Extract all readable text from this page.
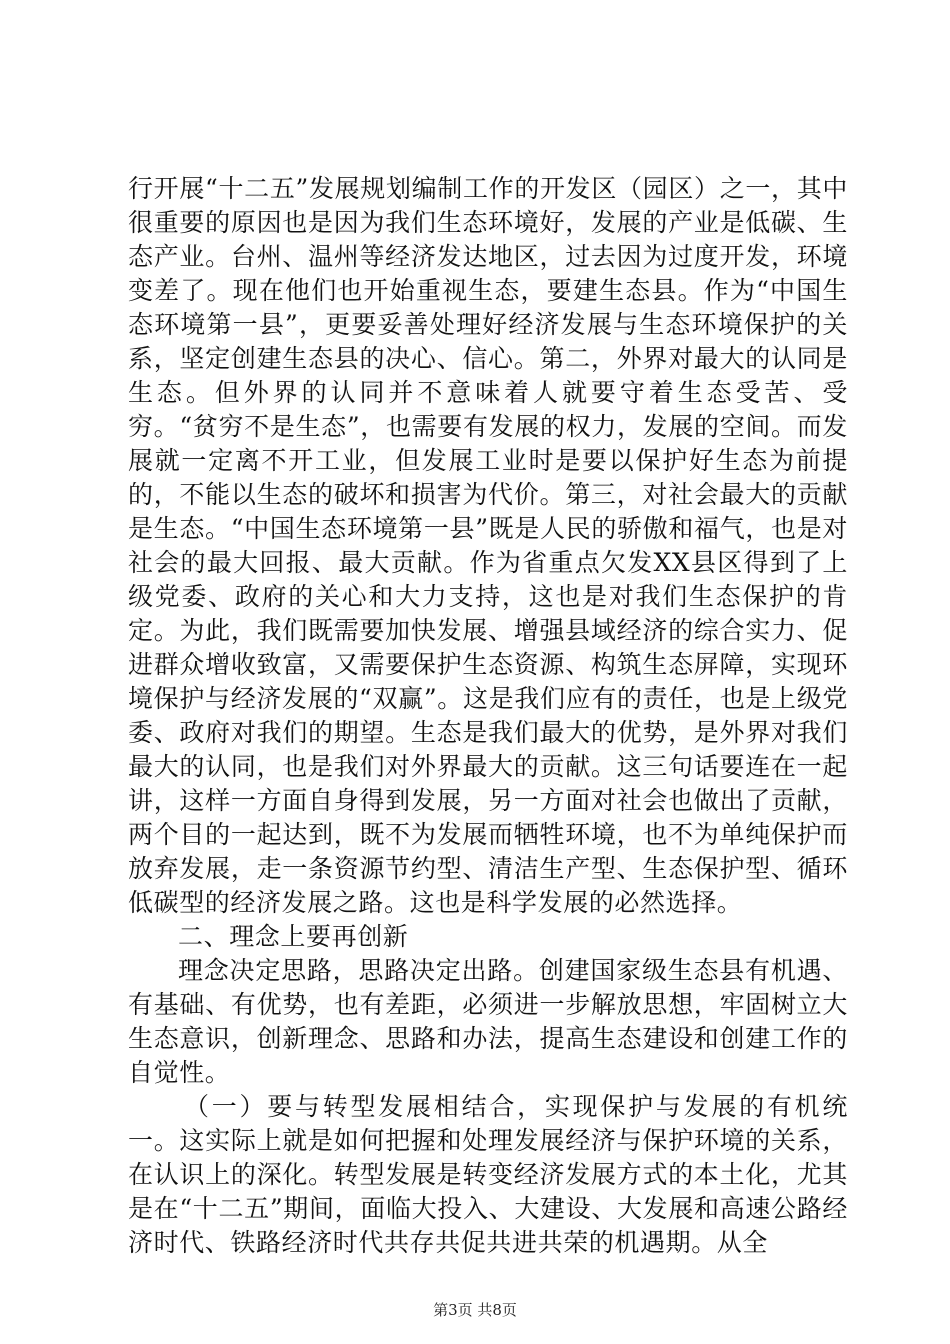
行开展“十二五”发展规划编制工作的开发区（园区）之一，其中很重要的原因也是因为我们生态环境好，发展的产业是低碳、生态产业。台州、温州等经济发达地区，过去因为过度开发，环境变差了。现在他们也开始重视生态，要建生态县。作为“中国生态环境第一县”，更要妥善处理好经济发展与生态环境保护的关系，坚定创建生态县的决心、信心。第二，外界对最大的认同是生态。但外界的认同并不意味着人就要守着生态受苦、受穷。“贫穷不是生态”，也需要有发展的权力，发展的空间。而发展就一定离不开工业，但发展工业时是要以保护好生态为前提的，不能以生态的破坏和损害为代价。第三，对社会最大的贡献是生态。“中国生态环境第一县”既是人民的骄傲和福气，也是对社会的最大回报、最大贡献。作为省重点欠发XX县区得到了上级党委、政府的关心和大力支持，这也是对我们生态保护的肯定。为此，我们既需要加快发展、增强县域经济的综合实力、促进群众增收致富，又需要保护生态资源、构筑生态屏障，实现环境保护与经济发展的“双赢”。这是我们应有的责任，也是上级党委、政府对我们的期望。生态是我们最大的优势，是外界对我们最大的认同，也是我们对外界最大的贡献。这三句话要连在一起讲，这样一方面自身得到发展，另一方面对社会也做出了贡献，两个目的一起达到，既不为发展而牺牲环境，也不为单纯保护而放弃发展，走一条资源节约型、清洁生产型、生态保护型、循环低碳型的经济发展之路。这也是科学发展的必然选择。

二、理念上要再创新

理念决定思路，思路决定出路。创建国家级生态县有机遇、有基础、有优势，也有差距，必须进一步解放思想，牢固树立大生态意识，创新理念、思路和办法，提高生态建设和创建工作的自觉性。

（一）要与转型发展相结合，实现保护与发展的有机统一。这实际上就是如何把握和处理发展经济与保护环境的关系，在认识上的深化。转型发展是转变经济发展方式的本土化，尤其是在“十二五”期间，面临大投入、大建设、大发展和高速公路经济时代、铁路经济时代共存共促共进共荣的机遇期。从全

第3页 共8页
